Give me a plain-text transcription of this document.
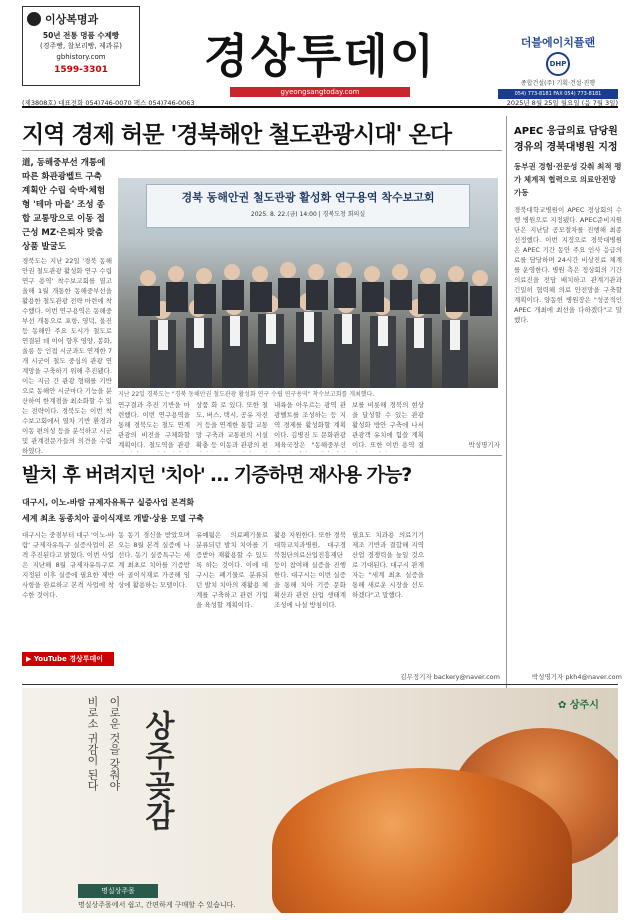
이상복명과
50년 전통 명품 수제빵
(경주빵, 찰보리빵, 제과류)
gbhistory.com
1599-3301	경상투데이
gyeongsangtoday.com
더블에이치플랜
DHP
종합건설(주) 기획·건설·진행
054) 773-8181 FAX 054) 773-8181
(제3808호) 대표전화 054)746-0070 팩스 054)746-0063	2025년 8월 25일 월요일 (음 7월 3일)
지역 경제 허문 '경북해안 철도관광시대' 온다
道, 동해중부선 개통에 따른 화관광벨트 구축 계획안 수립 숙박·체험형 '테마 마을' 조성 종합 교통망으로 이동 접근성 MZ·은퇴자 맞춤 상품 발굴도
경북도는 지난 22일 '경북 동해안권 철도관광 활성화 연구 수립 연구 용역' 착수보고회를 열고 올해 1월 개통한 동해중부선을 활용한 철도관광 전략 마련에 착수했다. 이번 연구용역은 동해중부선 개통으로 포항, 영덕, 울진 등 동해안 주요 도시가 철도로 연결된 데 이어 향후 영양, 봉화, 울릉 등 인접 시군과도 연계한 7개 시군이 철도 중심의 관광 연계망을 구축하기 위해 추진됐다. 이는 지금 간 관광 형태를 기반으로 동해안 시군마다 기능을 분산하여 한계점을 최소화할 수 있는 전략이다. 경북도는 이번 착수보고회에서 열차 기반 환경과 이동 편의성 등을 분석하고 시군 및 관계전문가들의 의견을 수렴하였다.
경북 동해안권 철도관광 활성화 연구용역 착수보고회
2025. 8. 22.(금) 14:00 | 경북도청 회의실
지난 22일 경북도는 "경북 동해안권 철도관광 활성화 연구 수립 연구용역" 착수보고회를 개최했다.
연구결과 추진 기반을 마련했다. 이번 연구용역을 통해 경북도는 철도 연계 관광의 비전을 구체화할 계획이다. 철도역을 관광
상품 화 로 있다. 또한 철도, 버스, 택시, 공유 자전거 등을 연계한 통합 교통망 구축과 교통편의 시설 확충 등 이동과 관광의 편
내륙을 아우르는 광역 관광벨트를 조성하는 등 지역 경제를 활성화할 계획이다. 김병진 도 문화관광체육국장은 "동해중부선
보를 비롯해 경북의 현상을 달성할 수 있는 관광 활성화 방안 구축에 나서 관광객 유치에 힘쓸 계획이다. 또한 이번 용역 결	박성명기자
APEC 응급의료 담당원 경유의 경북대병원 지정
동부권 경험·전문성 갖춰 최적 평가 체계적 협력으로 의료안전망 가동
경북대학교병원이 APEC 정상회의 수행 병원으로 지정됐다. APEC준비지원단은 지난달 공모절차를 진행해 최종 선정했다. 이번 지정으로 경북대병원은 APEC 기간 동안 주요 인사 응급의료를 담당하며 24시간 비상진료 체계를 운영한다. 병원 측은 정상회의 기간 의료진을 전담 배치하고 관계기관과 긴밀히 협력해 의료 안전망을 구축할 계획이다. 양동헌 병원장은 "성공적인 APEC 개최에 최선을 다하겠다"고 말했다.
박성명기자 pkh4@naver.com
발치 후 버려지던 '치아' … 기증하면 재사용 가능?
대구시, 이노-바람 규제자유특구 실증사업 본격화
세계 최초 동종치아 골이식재로 개발·상용 모델 구축
대구시는 중점부터 대구 '이노-바람' 규제자유특구 실증사업이 본격 추진된다고 밝혔다. 이번 사업은 지난해 8월 규제자유특구로 지정된 이후 실증에 필요한 제반 사항을 완료하고 본격 사업에 착수한 것이다.
▶ YouTube 경상투데이
동 동기 경신을 받았으며 오는 8월 본격 실증에 나선다. 동기 실증특구는 세계 최초로 치아를 기증받아 골이식재로 가공해 임상에 활용하는 모델이다.
유예됨은 의료폐기물로 분류되던 발치 치아를 기증받아 재활용할 수 있도록 하는 것이다. 이에 대구시는 폐기물로 분류되던 발치 치아의 재활용 체계를 구축하고 관련 기업을 육성할 계획이다.
활용 지원한다. 또한 경북대학교치과병원, 대구경북첨단의료산업진흥재단 등이 참여해 실증을 진행한다. 대구시는 이번 실증을 통해 치아 기증 문화 확산과 관련 산업 생태계 조성에 나설 방침이다.
필요도 치과용 의료기기 제조 기반과 결합해 지역 산업 경쟁력을 높일 것으로 기대된다. 대구시 관계자는 "세계 최초 실증을 통해 새로운 시장을 선도하겠다"고 말했다.
김무정기자 backery@naver.com
비로소 귀감이 된다 이로운 것을 갖춰야 상주곶감
✿ 상주시
명실상주몰
명실상주몰에서 쉽고, 간편하게 구매할 수 있습니다.
